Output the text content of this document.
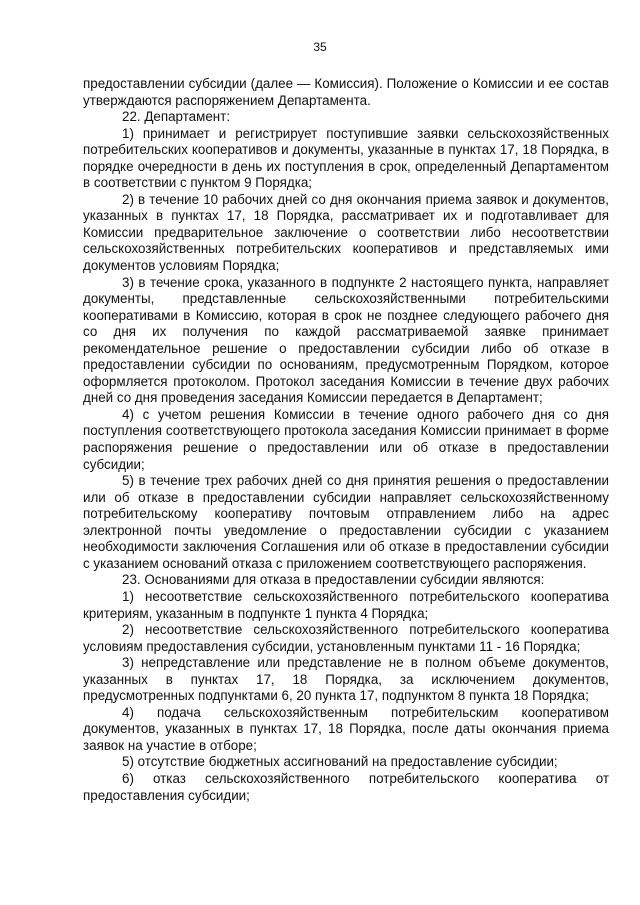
35

предоставлении субсидии (далее — Комиссия). Положение о Комиссии и ее состав утверждаются распоряжением Департамента.

22. Департамент:

1) принимает и регистрирует поступившие заявки сельскохозяйственных потребительских кооперативов и документы, указанные в пунктах 17, 18 Порядка, в порядке очередности в день их поступления в срок, определенный Департаментом в соответствии с пунктом 9 Порядка;

2) в течение 10 рабочих дней со дня окончания приема заявок и документов, указанных в пунктах 17, 18 Порядка, рассматривает их и подготавливает для Комиссии предварительное заключение о соответствии либо несоответствии сельскохозяйственных потребительских кооперативов и представляемых ими документов условиям Порядка;

3) в течение срока, указанного в подпункте 2 настоящего пункта, направляет документы, представленные сельскохозяйственными потребительскими кооперативами в Комиссию, которая в срок не позднее следующего рабочего дня со дня их получения по каждой рассматриваемой заявке принимает рекомендательное решение о предоставлении субсидии либо об отказе в предоставлении субсидии по основаниям, предусмотренным Порядком, которое оформляется протоколом. Протокол заседания Комиссии в течение двух рабочих дней со дня проведения заседания Комиссии передается в Департамент;

4) с учетом решения Комиссии в течение одного рабочего дня со дня поступления соответствующего протокола заседания Комиссии принимает в форме распоряжения решение о предоставлении или об отказе в предоставлении субсидии;

5) в течение трех рабочих дней со дня принятия решения о предоставлении или об отказе в предоставлении субсидии направляет сельскохозяйственному потребительскому кооперативу почтовым отправлением либо на адрес электронной почты уведомление о предоставлении субсидии с указанием необходимости заключения Соглашения или об отказе в предоставлении субсидии с указанием оснований отказа с приложением соответствующего распоряжения.

23. Основаниями для отказа в предоставлении субсидии являются:

1) несоответствие сельскохозяйственного потребительского кооператива критериям, указанным в подпункте 1 пункта 4 Порядка;

2) несоответствие сельскохозяйственного потребительского кооператива условиям предоставления субсидии, установленным пунктами 11 - 16 Порядка;

3) непредставление или представление не в полном объеме документов, указанных в пунктах 17, 18 Порядка, за исключением документов, предусмотренных подпунктами 6, 20 пункта 17, подпунктом 8 пункта 18 Порядка;

4) подача сельскохозяйственным потребительским кооперативом документов, указанных в пунктах 17, 18 Порядка, после даты окончания приема заявок на участие в отборе;

5) отсутствие бюджетных ассигнований на предоставление субсидии;

6) отказ сельскохозяйственного потребительского кооператива от предоставления субсидии;
